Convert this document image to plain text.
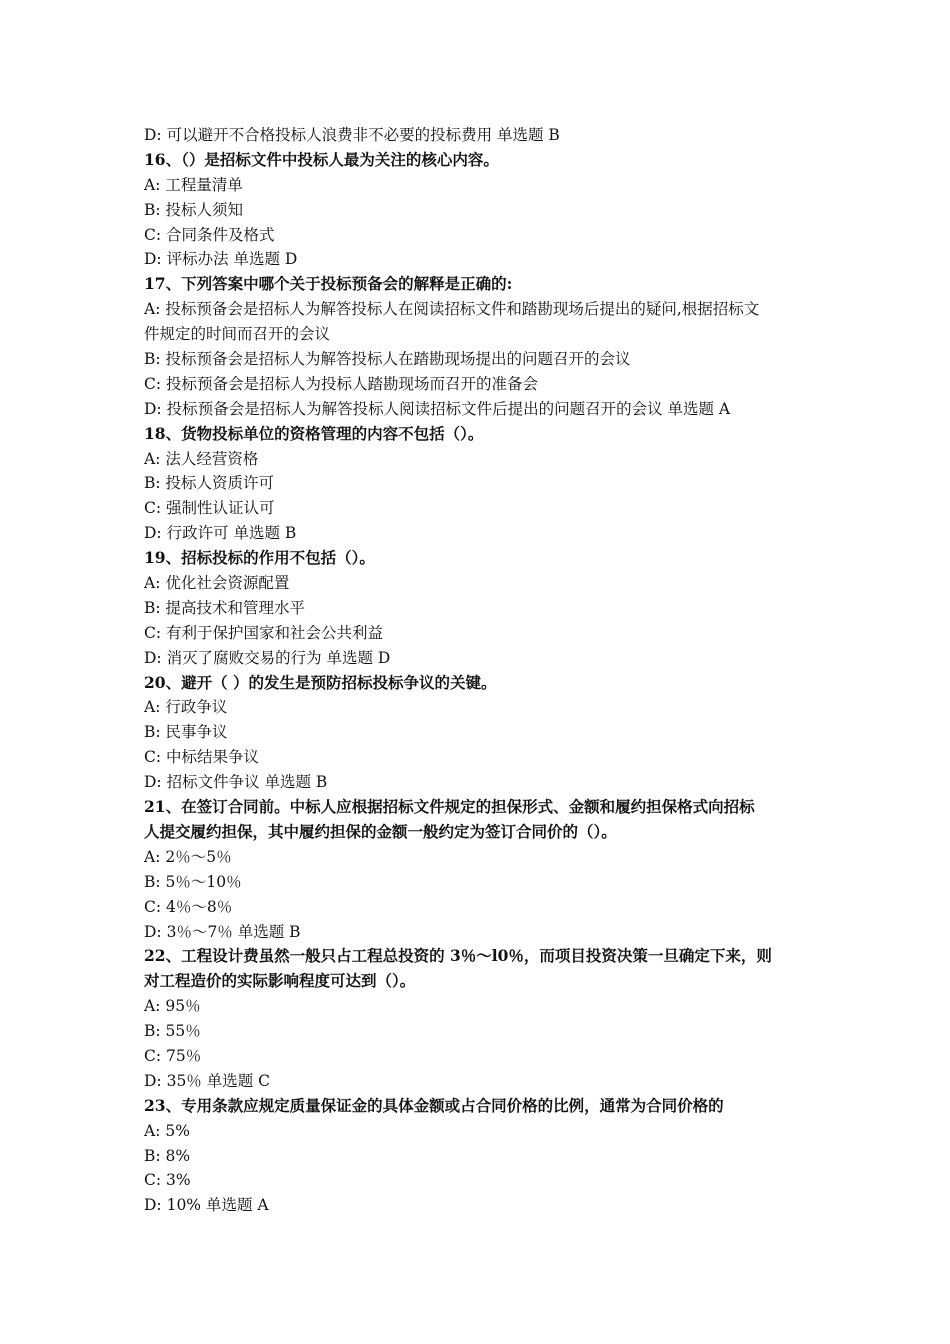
D: 可以避开不合格投标人浪费非不必要的投标费用 单选题 B
16、（）是招标文件中投标人最为关注的核心内容。
A: 工程量清单
B: 投标人须知
C: 合同条件及格式
D: 评标办法 单选题 D
17、下列答案中哪个关于投标预备会的解释是正确的:
A: 投标预备会是招标人为解答投标人在阅读招标文件和踏勘现场后提出的疑问,根据招标文
件规定的时间而召开的会议
B: 投标预备会是招标人为解答投标人在踏勘现场提出的问题召开的会议
C: 投标预备会是招标人为投标人踏勘现场而召开的准备会
D: 投标预备会是招标人为解答投标人阅读招标文件后提出的问题召开的会议 单选题 A
18、货物投标单位的资格管理的内容不包括（）。
A: 法人经营资格
B: 投标人资质许可
C: 强制性认证认可
D: 行政许可 单选题 B
19、招标投标的作用不包括（）。
A: 优化社会资源配置
B: 提高技术和管理水平
C: 有利于保护国家和社会公共利益
D: 消灭了腐败交易的行为 单选题 D
20、避开（ ）的发生是预防招标投标争议的关键。
A: 行政争议
B: 民事争议
C: 中标结果争议
D: 招标文件争议 单选题 B
21、在签订合同前。中标人应根据招标文件规定的担保形式、金额和履约担保格式向招标
人提交履约担保，其中履约担保的金额一般约定为签订合同价的（）。
A: 2％～5％
B: 5％～10％
C: 4％～8％
D: 3％～7％ 单选题 B
22、工程设计费虽然一般只占工程总投资的 3％～l0％，而项目投资决策一旦确定下来，则
对工程造价的实际影响程度可达到（）。
A: 95％
B: 55％
C: 75％
D: 35％ 单选题 C
23、专用条款应规定质量保证金的具体金额或占合同价格的比例，通常为合同价格的
A: 5%
B: 8%
C: 3%
D: 10% 单选题 A
